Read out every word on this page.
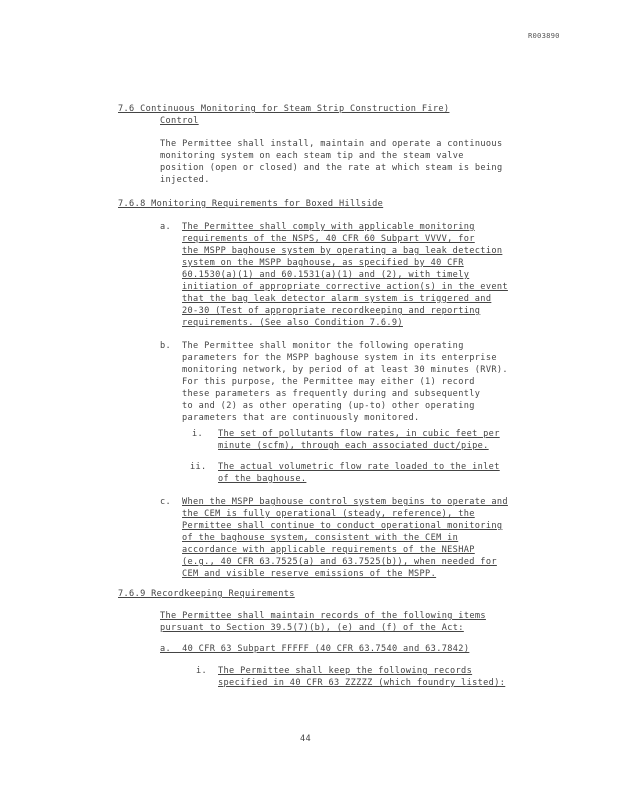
R003890
7.6 Continuous Monitoring for Steam Strip Construction Fire)
Control
The Permittee shall install, maintain and operate a continuous
monitoring system on each steam tip and the steam valve
position (open or closed) and the rate at which steam is being
injected.
7.6.8 Monitoring Requirements for Boxed Hillside
a. The Permittee shall comply with applicable monitoring
requirements of the NSPS, 40 CFR 60 Subpart VVVV, for
the MSPP baghouse system by operating a bag leak detection
system on the MSPP baghouse, as specified by 40 CFR
60.1530(a)(1) and 60.1531(a)(1) and (2), with timely
initiation of appropriate corrective action(s) in the event
that the bag leak detector alarm system is triggered and
20-30 (Test of appropriate recordkeeping and reporting
requirements. (See also Condition 7.6.9)
b. The Permittee shall monitor the following operating
parameters for the MSPP baghouse system in its enterprise
monitoring network, by period of at least 30 minutes (RVR).
For this purpose, the Permittee may either (1) record
these parameters as frequently during and subsequently
to and (2) as other operating (up-to) other operating
parameters that are continuously monitored.
i. The set of pollutants flow rates, in cubic feet per
minute (scfm), through each associated duct/pipe.
ii. The actual volumetric flow rate loaded to the inlet
of the baghouse.
c. When the MSPP baghouse control system begins to operate and
the CEM is fully operational (steady, reference), the
Permittee shall continue to conduct operational monitoring
of the baghouse system, consistent with the CEM in
accordance with applicable requirements of the NESHAP
(e.g., 40 CFR 63.7525(a) and 63.7525(b)), when needed for
CEM and visible reserve emissions of the MSPP.
7.6.9 Recordkeeping Requirements
The Permittee shall maintain records of the following items
pursuant to Section 39.5(7)(b), (e) and (f) of the Act:
a.  40 CFR 63 Subpart FFFFF (40 CFR 63.7540 and 63.7842)
i. The Permittee shall keep the following records
specified in 40 CFR 63 ZZZZZ (which foundry listed):
44
